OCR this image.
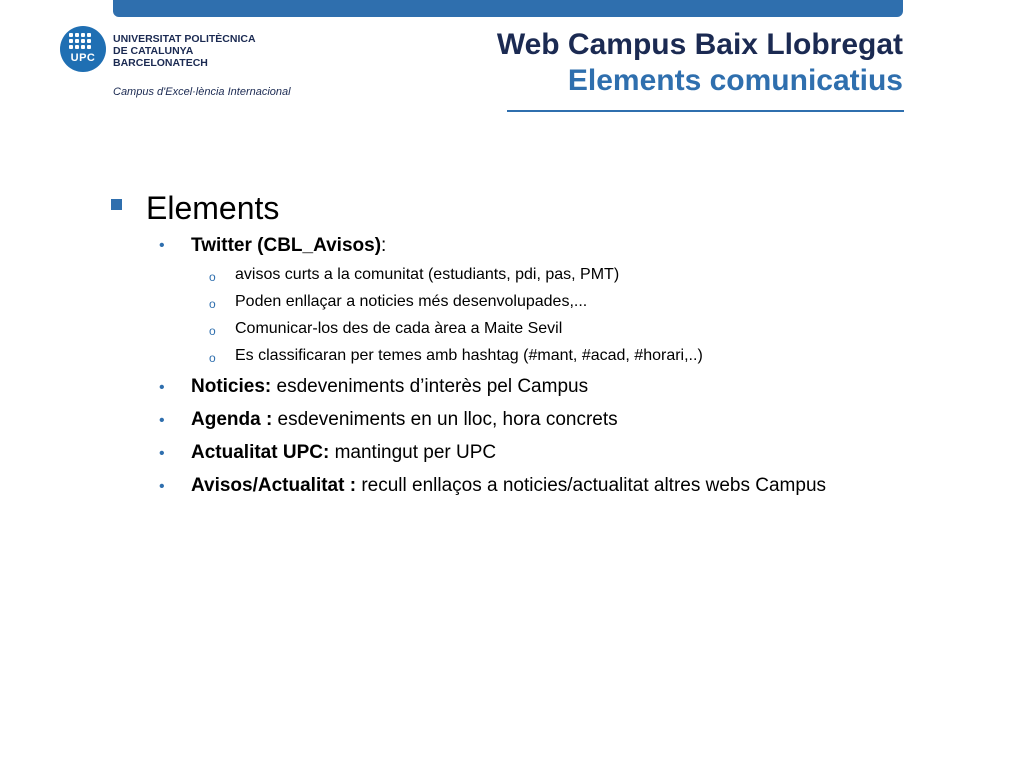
UPC
UNIVERSITAT POLITÈCNICA
DE CATALUNYA
BARCELONATECH
Campus d'Excel·lència Internacional
Web Campus Baix Llobregat
Elements comunicatius
Elements
• Twitter (CBL_Avisos):
o avisos curts a la comunitat (estudiants, pdi, pas, PMT)
o Poden enllaçar a noticies més desenvolupades,...
o Comunicar-los des de cada àrea a Maite Sevil
o Es classificaran per temes amb hashtag (#mant, #acad, #horari,..)
• Noticies: esdeveniments d’interès pel Campus
• Agenda : esdeveniments en un lloc, hora concrets
• Actualitat UPC: mantingut per UPC
• Avisos/Actualitat : recull enllaços a noticies/actualitat altres webs Campus
